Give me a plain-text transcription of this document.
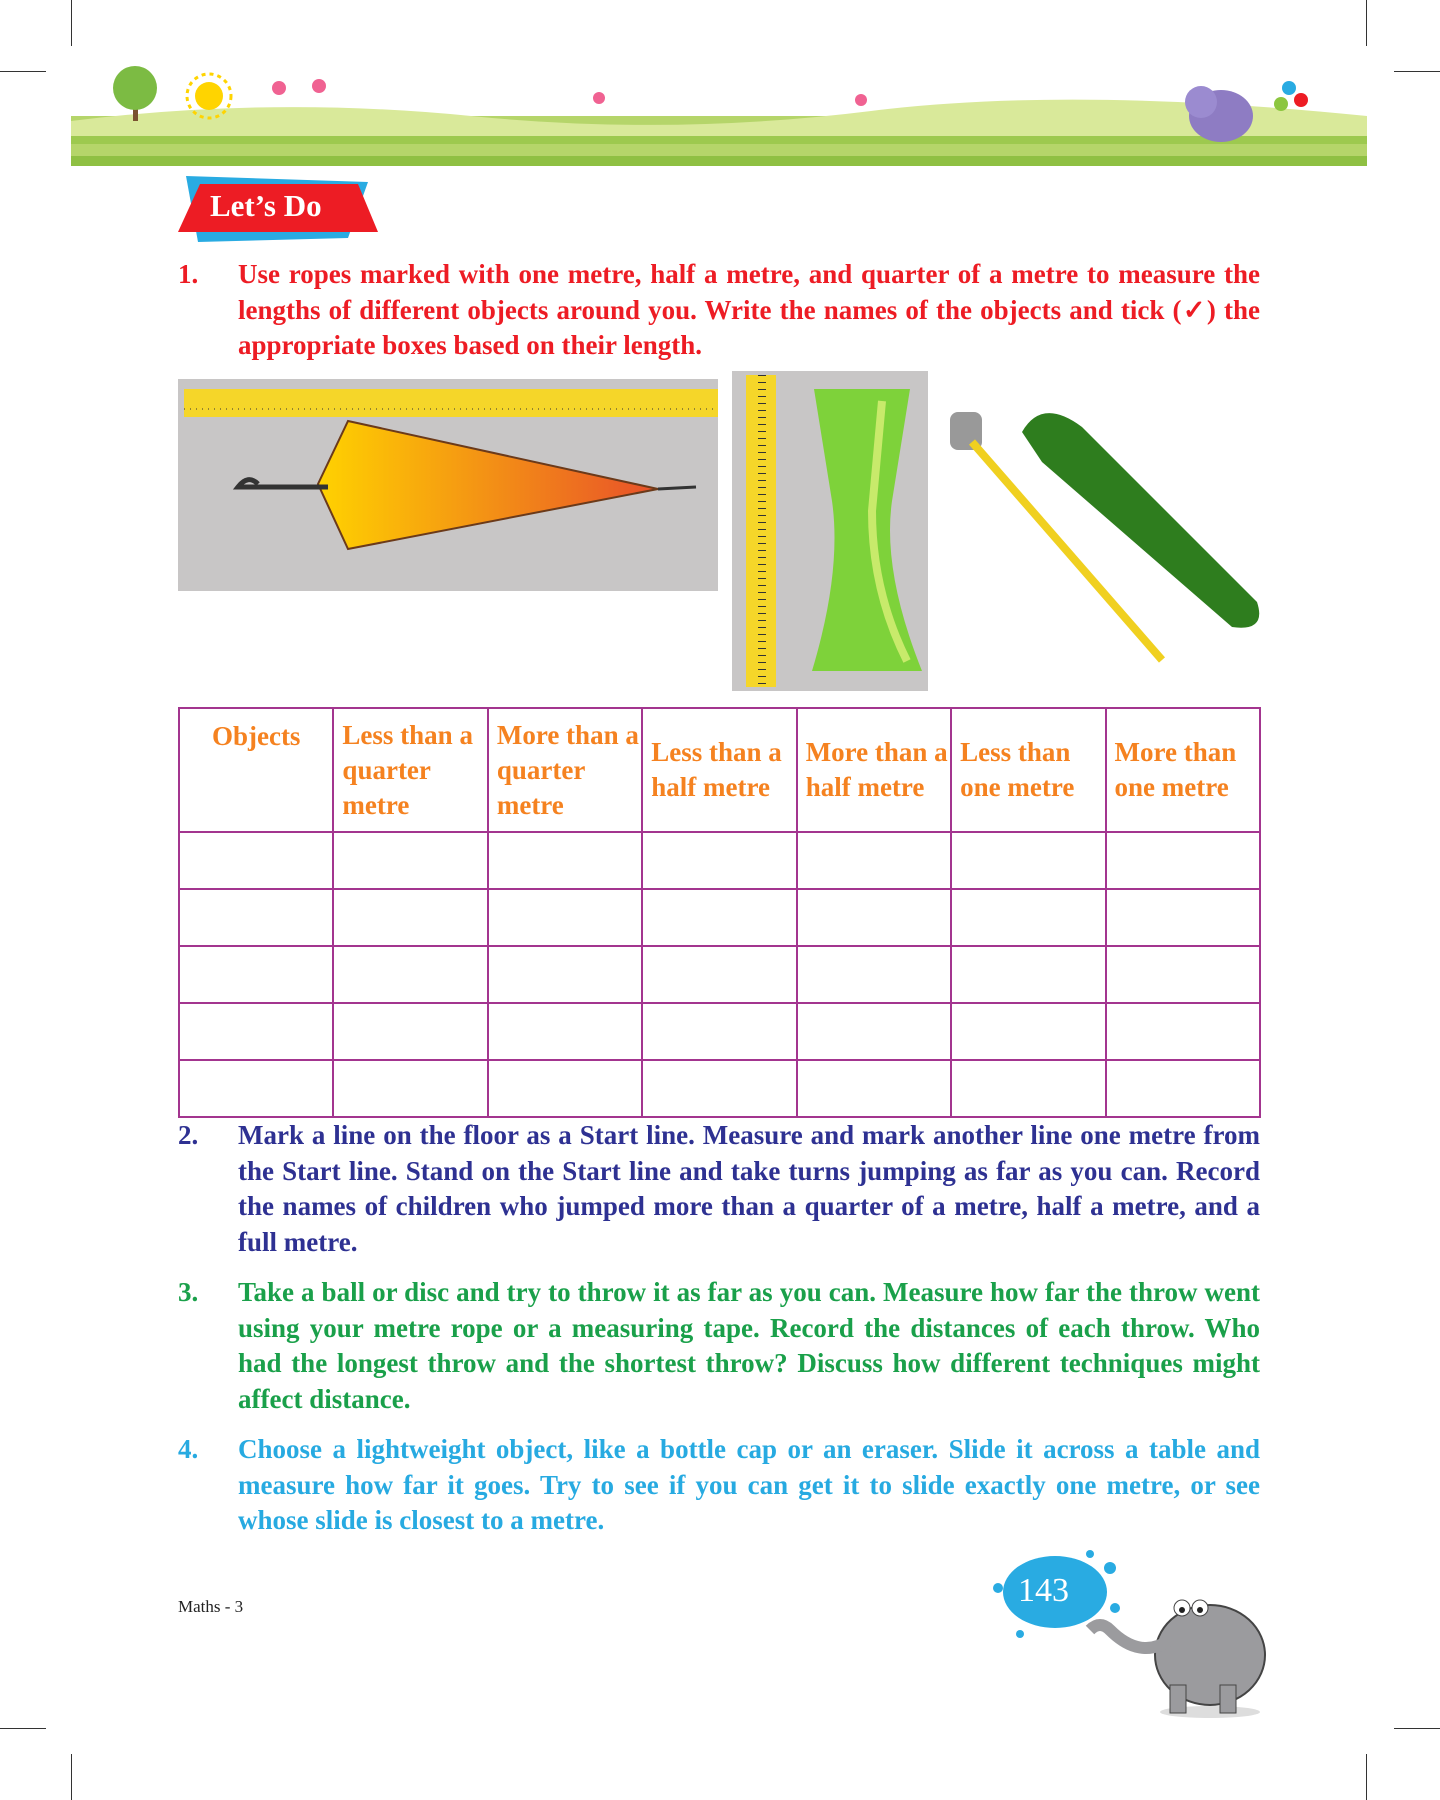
Let’s Do
1. Use ropes marked with one metre, half a metre, and quarter of a metre to measure the lengths of different objects around you. Write the names of the objects and tick (✓) the appropriate boxes based on their length.
Objects	Less than a quarter metre	More than a quarter metre	Less than a half metre	More than a half metre	Less than one metre	More than one metre

2. Mark a line on the floor as a Start line. Measure and mark another line one metre from the Start line. Stand on the Start line and take turns jumping as far as you can. Record the names of children who jumped more than a quarter of a metre, half a metre, and a full metre.
3. Take a ball or disc and try to throw it as far as you can. Measure how far the throw went using your metre rope or a measuring tape. Record the distances of each throw. Who had the longest throw and the shortest throw? Discuss how different techniques might affect distance.
4. Choose a lightweight object, like a bottle cap or an eraser. Slide it across a table and measure how far it goes. Try to see if you can get it to slide exactly one metre, or see whose slide is closest to a metre.
Maths - 3	143
